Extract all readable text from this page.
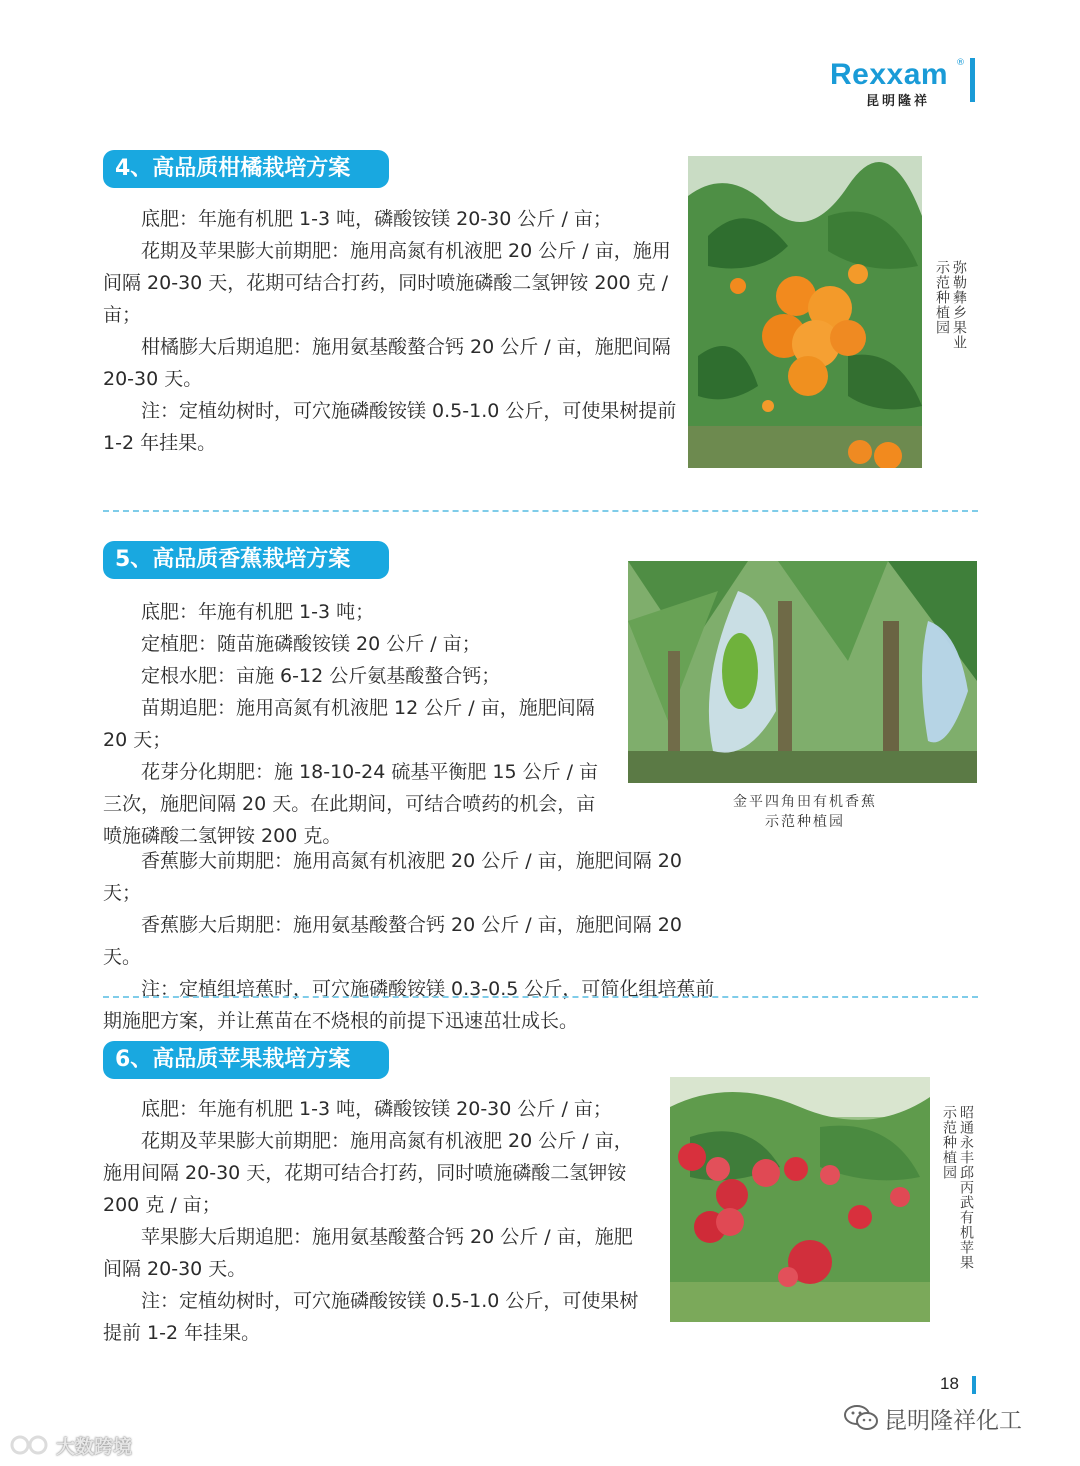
Rexxam ®
昆明隆祥
4、高品质柑橘栽培方案

底肥：年施有机肥 1-3 吨，磷酸铵镁 20-30 公斤 / 亩；

花期及苹果膨大前期肥：施用高氮有机液肥 20 公斤 / 亩，施用间隔 20-30 天，花期可结合打药，同时喷施磷酸二氢钾铵 200 克 / 亩；

柑橘膨大后期追肥：施用氨基酸螯合钙 20 公斤 / 亩，施肥间隔 20-30 天。

注：定植幼树时，可穴施磷酸铵镁 0.5-1.0 公斤，可使果树提前 1-2 年挂果。

弥勒彝乡果业
示范种植园
5、高品质香蕉栽培方案

底肥：年施有机肥 1-3 吨；

定植肥：随苗施磷酸铵镁 20 公斤 / 亩；

定根水肥：亩施 6-12 公斤氨基酸螯合钙；

苗期追肥：施用高氮有机液肥 12 公斤 / 亩，施肥间隔 20 天；

花芽分化期肥：施 18-10-24 硫基平衡肥 15 公斤 / 亩三次，施肥间隔 20 天。在此期间，可结合喷药的机会，亩喷施磷酸二氢钾铵 200 克。

香蕉膨大前期肥：施用高氮有机液肥 20 公斤 / 亩，施肥间隔 20 天；

香蕉膨大后期肥：施用氨基酸螯合钙 20 公斤 / 亩，施肥间隔 20 天。

注：定植组培蕉时，可穴施磷酸铵镁 0.3-0.5 公斤，可简化组培蕉前期施肥方案，并让蕉苗在不烧根的前提下迅速茁壮成长。

金平四角田有机香蕉
示范种植园
6、高品质苹果栽培方案

底肥：年施有机肥 1-3 吨，磷酸铵镁 20-30 公斤 / 亩；

花期及苹果膨大前期肥：施用高氮有机液肥 20 公斤 / 亩，施用间隔 20-30 天，花期可结合打药，同时喷施磷酸二氢钾铵 200 克 / 亩；

苹果膨大后期追肥：施用氨基酸螯合钙 20 公斤 / 亩，施肥间隔 20-30 天。

注：定植幼树时，可穴施磷酸铵镁 0.5-1.0 公斤，可使果树提前 1-2 年挂果。

昭通永丰邱丙武有机苹果
示范种植园
18
昆明隆祥化工
大数跨境
